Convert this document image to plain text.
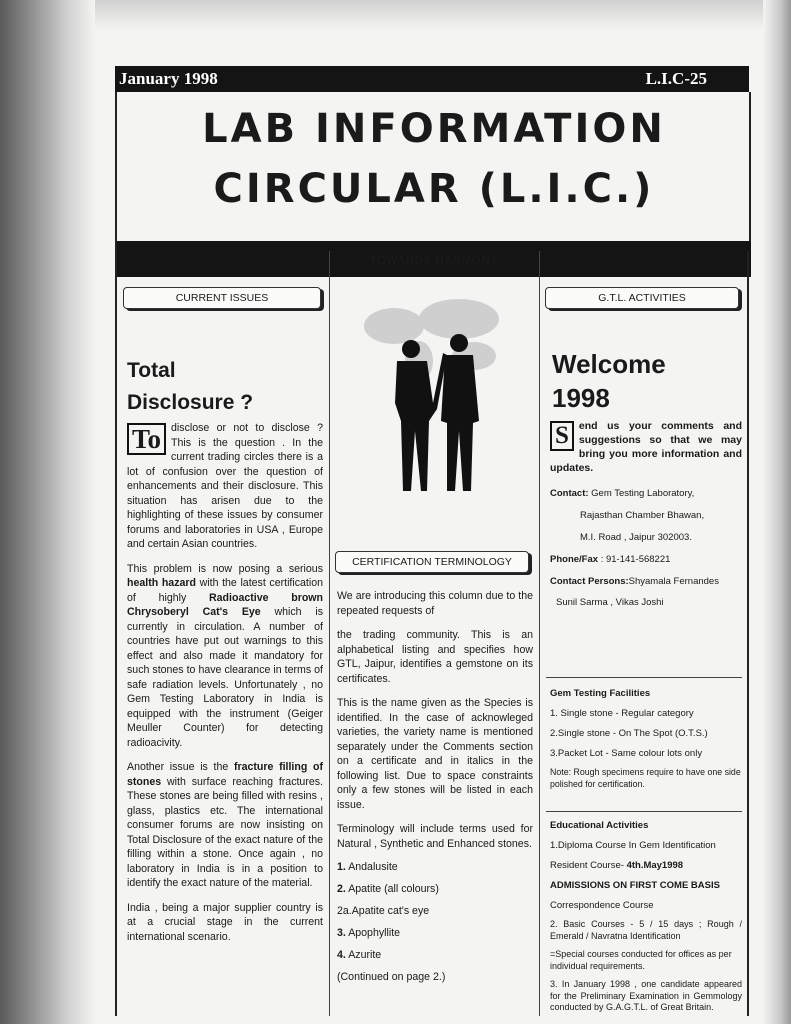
January 1998	L.I.C-25
LAB INFORMATION
CIRCULAR (L.I.C.)
CURRENT ISSUES
Total
Disclosure ?

To disclose or not to disclose ? This is the question . In the current trading circles there is a lot of confusion over the question of enhancements and their disclosure. This situation has arisen due to the highlighting of these issues by consumer forums and laboratories in USA , Europe and certain Asian countries.

This problem is now posing a serious health hazard with the latest certification of highly Radioactive brown Chrysoberyl Cat's Eye which is currently in circulation. A number of countries have put out warnings to this effect and also made it mandatory for such stones to have clearance in terms of safe radiation levels. Unfortunately , no Gem Testing Laboratory in India is equipped with the instrument (Geiger Meuller Counter) for detecting radioacivity.

Another issue is the fracture filling of stones with surface reaching fractures. These stones are being filled with resins , glass, plastics etc. The international consumer forums are now insisting on Total Disclosure of the exact nature of the filling within a stone. Once again , no laboratory in India is in a position to identify the exact nature of the material.

India , being a major supplier country is at a crucial stage in the current international scenario.

TOWARDS HARMONY
CERTIFICATION TERMINOLOGY

We are introducing this column due to the repeated requests of

the trading community. This is an alphabetical listing and specifies how GTL, Jaipur, identifies a gemstone on its certificates.

This is the name given as the Species is identified. In the case of acknowleged varieties, the variety name is mentioned separately under the Comments section on a certificate and in italics in the following list. Due to space constraints only a few stones will be listed in each issue.

Terminology will include terms used for Natural , Synthetic and Enhanced stones.

1. Andalusite
2. Apatite (all colours)
2a.Apatite cat's eye
3. Apophyllite
4. Azurite
(Continued on page 2.)
G.T.L. ACTIVITIES
Welcome
1998

S end us your comments and suggestions so that we may bring you more information and updates.

Contact: Gem Testing Laboratory,

Rajasthan Chamber Bhawan,

M.I. Road , Jaipur 302003.

Phone/Fax : 91-141-568221

Contact Persons:Shyamala Fernandes

Sunil Sarma , Vikas Joshi

Gem Testing Facilities

1. Single stone - Regular category

2.Single stone - On The Spot (O.T.S.)

3.Packet Lot - Same colour lots only

Note: Rough specimens require to have one side polished for certification.

Educational Activities

1.Diploma Course In Gem Identification

Resident Course- 4th.May1998

ADMISSIONS ON FIRST COME BASIS

Correspondence Course

2. Basic Courses - 5 / 15 days ; Rough / Emerald / Navratna Identification

=Special courses conducted for offices as per individual requirements.

3. In January 1998 , one candidate appeared for the Preliminary Examination in Gemmology conducted by G.A.G.T.L. of Great Britain.
